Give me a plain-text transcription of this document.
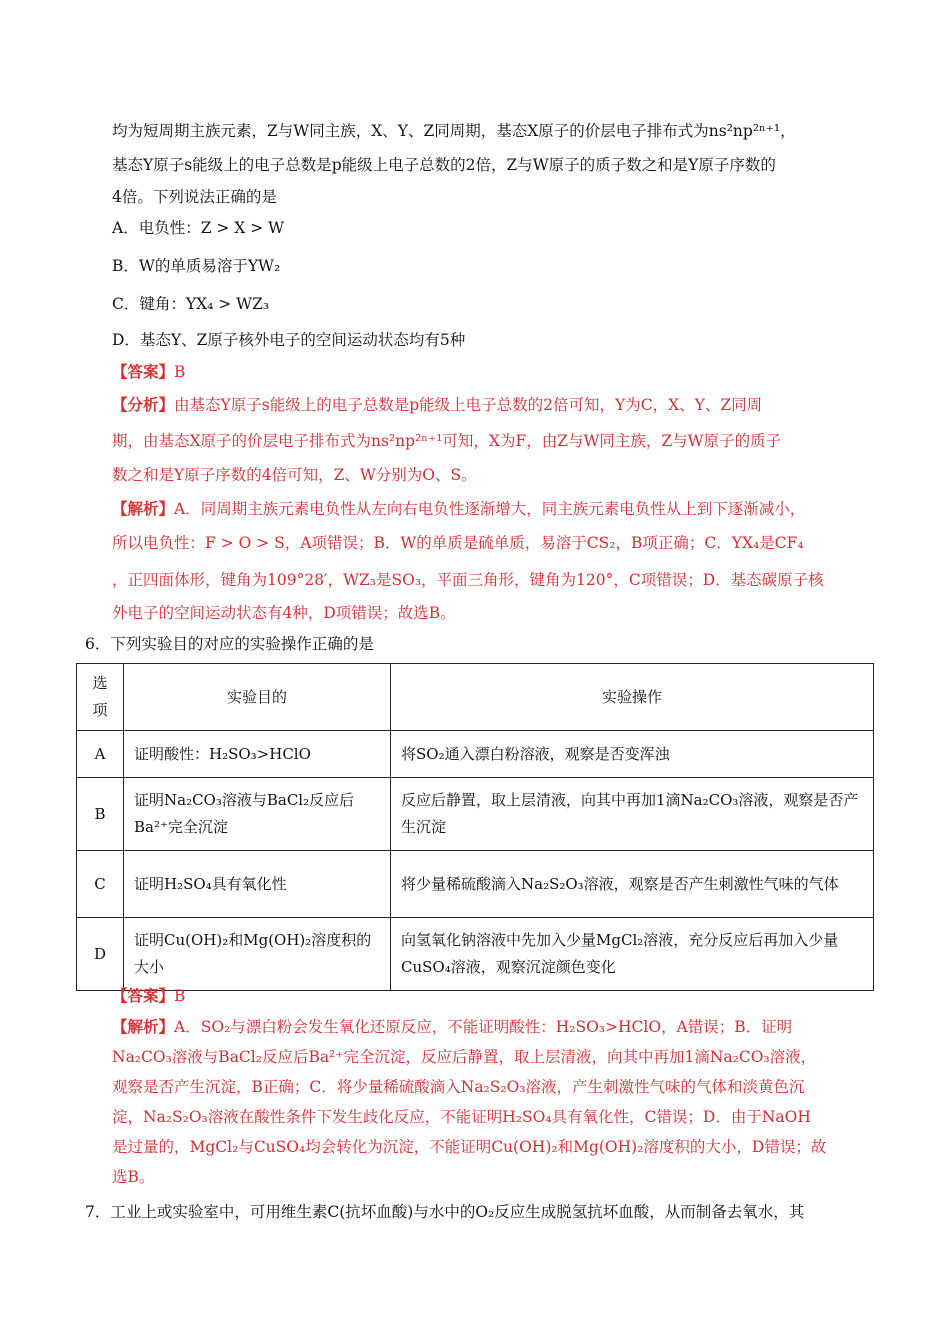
均为短周期主族元素，Z与W同主族，X、Y、Z同周期，基态X原子的价层电子排布式为ns²np²ⁿ⁺¹，

基态Y原子s能级上的电子总数是p能级上电子总数的2倍，Z与W原子的质子数之和是Y原子序数的

4倍。下列说法正确的是

A．电负性：Z > X > W

B．W的单质易溶于YW₂

C．键角：YX₄ > WZ₃

D．基态Y、Z原子核外电子的空间运动状态均有5种

【答案】B

【分析】由基态Y原子s能级上的电子总数是p能级上电子总数的2倍可知，Y为C，X、Y、Z同周

期，由基态X原子的价层电子排布式为ns²np²ⁿ⁺¹可知，X为F，由Z与W同主族，Z与W原子的质子

数之和是Y原子序数的4倍可知，Z、W分别为O、S。

【解析】A．同周期主族元素电负性从左向右电负性逐渐增大，同主族元素电负性从上到下逐渐减小，

所以电负性：F > O > S，A项错误；B．W的单质是硫单质，易溶于CS₂，B项正确；C．YX₄是CF₄

，正四面体形，键角为109°28′，WZ₃是SO₃，平面三角形，键角为120°，C项错误；D．基态碳原子核

外电子的空间运动状态有4种，D项错误；故选B。

6．下列实验目的对应的实验操作正确的是

选项	实验目的	实验操作
A	证明酸性：H₂SO₃>HClO	将SO₂通入漂白粉溶液，观察是否变浑浊
B	证明Na₂CO₃溶液与BaCl₂反应后Ba²⁺完全沉淀	反应后静置，取上层清液，向其中再加1滴Na₂CO₃溶液，观察是否产生沉淀
C	证明H₂SO₄具有氧化性	将少量稀硫酸滴入Na₂S₂O₃溶液，观察是否产生刺激性气味的气体
D	证明Cu(OH)₂和Mg(OH)₂溶度积的大小	向氢氧化钠溶液中先加入少量MgCl₂溶液，充分反应后再加入少量CuSO₄溶液，观察沉淀颜色变化

【答案】B

【解析】A．SO₂与漂白粉会发生氧化还原反应，不能证明酸性：H₂SO₃>HClO，A错误；B．证明

Na₂CO₃溶液与BaCl₂反应后Ba²⁺完全沉淀，反应后静置，取上层清液，向其中再加1滴Na₂CO₃溶液，

观察是否产生沉淀，B正确；C．将少量稀硫酸滴入Na₂S₂O₃溶液，产生刺激性气味的气体和淡黄色沉

淀，Na₂S₂O₃溶液在酸性条件下发生歧化反应，不能证明H₂SO₄具有氧化性，C错误；D．由于NaOH

是过量的，MgCl₂与CuSO₄均会转化为沉淀，不能证明Cu(OH)₂和Mg(OH)₂溶度积的大小，D错误；故

选B。

7．工业上或实验室中，可用维生素C(抗坏血酸)与水中的O₂反应生成脱氢抗坏血酸，从而制备去氧水，其
